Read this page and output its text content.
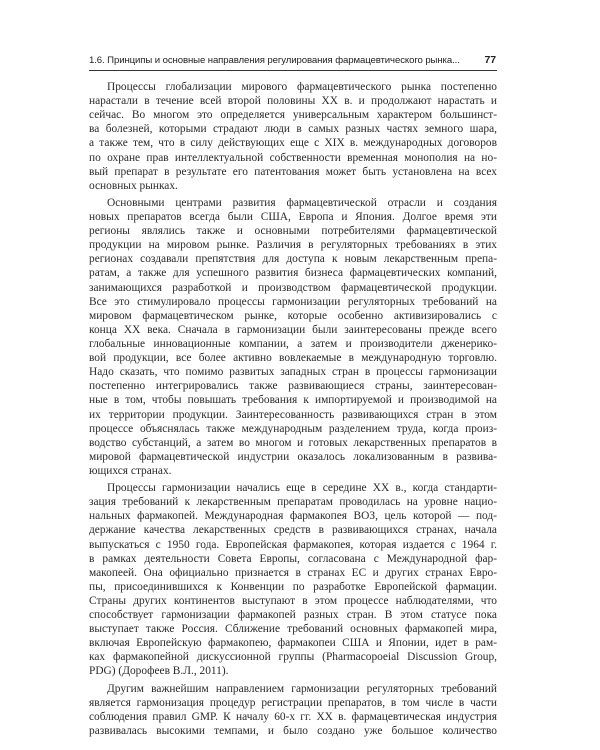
1.6. Принципы и основные направления регулирования фармацевтического рынка... 77
Процессы глобализации мирового фармацевтического рынка постепенно
нарастали в течение всей второй половины XX в. и продолжают нарастать и
сейчас. Во многом это определяется универсальным характером большинст-
ва болезней, которыми страдают люди в самых разных частях земного шара,
а также тем, что в силу действующих еще с XIX в. международных договоров
по охране прав интеллектуальной собственности временная монополия на но-
вый препарат в результате его патентования может быть установлена на всех
основных рынках.
Основными центрами развития фармацевтической отрасли и создания
новых препаратов всегда были США, Европа и Япония. Долгое время эти
регионы являлись также и основными потребителями фармацевтической
продукции на мировом рынке. Различия в регуляторных требованиях в этих
регионах создавали препятствия для доступа к новым лекарственным препа-
ратам, а также для успешного развития бизнеса фармацевтических компаний,
занимающихся разработкой и производством фармацевтической продукции.
Все это стимулировало процессы гармонизации регуляторных требований на
мировом фармацевтическом рынке, которые особенно активизировались с
конца XX века. Сначала в гармонизации были заинтересованы прежде всего
глобальные инновационные компании, а затем и производители дженерико-
вой продукции, все более активно вовлекаемые в международную торговлю.
Надо сказать, что помимо развитых западных стран в процессы гармонизации
постепенно интегрировались также развивающиеся страны, заинтересован-
ные в том, чтобы повышать требования к импортируемой и производимой на
их территории продукции. Заинтересованность развивающихся стран в этом
процессе объяснялась также международным разделением труда, когда произ-
водство субстанций, а затем во многом и готовых лекарственных препаратов в
мировой фармацевтической индустрии оказалось локализованным в развива-
ющихся странах.
Процессы гармонизации начались еще в середине XX в., когда стандарти-
зация требований к лекарственным препаратам проводилась на уровне нацио-
нальных фармакопей. Международная фармакопея ВОЗ, цель которой — под-
держание качества лекарственных средств в развивающихся странах, начала
выпускаться с 1950 года. Европейская фармакопея, которая издается с 1964 г.
в рамках деятельности Совета Европы, согласована с Международной фар-
макопеей. Она официально признается в странах ЕС и других странах Евро-
пы, присоединившихся к Конвенции по разработке Европейской фармации.
Страны других континентов выступают в этом процессе наблюдателями, что
способствует гармонизации фармакопей разных стран. В этом статусе пока
выступает также Россия. Сближение требований основных фармакопей мира,
включая Европейскую фармакопею, фармакопеи США и Японии, идет в рам-
ках фармакопейной дискуссионной группы (Pharmacopoeial Discussion Group,
PDG) (Дорофеев В.Л., 2011).
Другим важнейшим направлением гармонизации регуляторных требований
является гармонизация процедур регистрации препаратов, в том числе в части
соблюдения правил GMP. К началу 60-х гг. XX в. фармацевтическая индустрия
развивалась высокими темпами, и было создано уже большое количество
